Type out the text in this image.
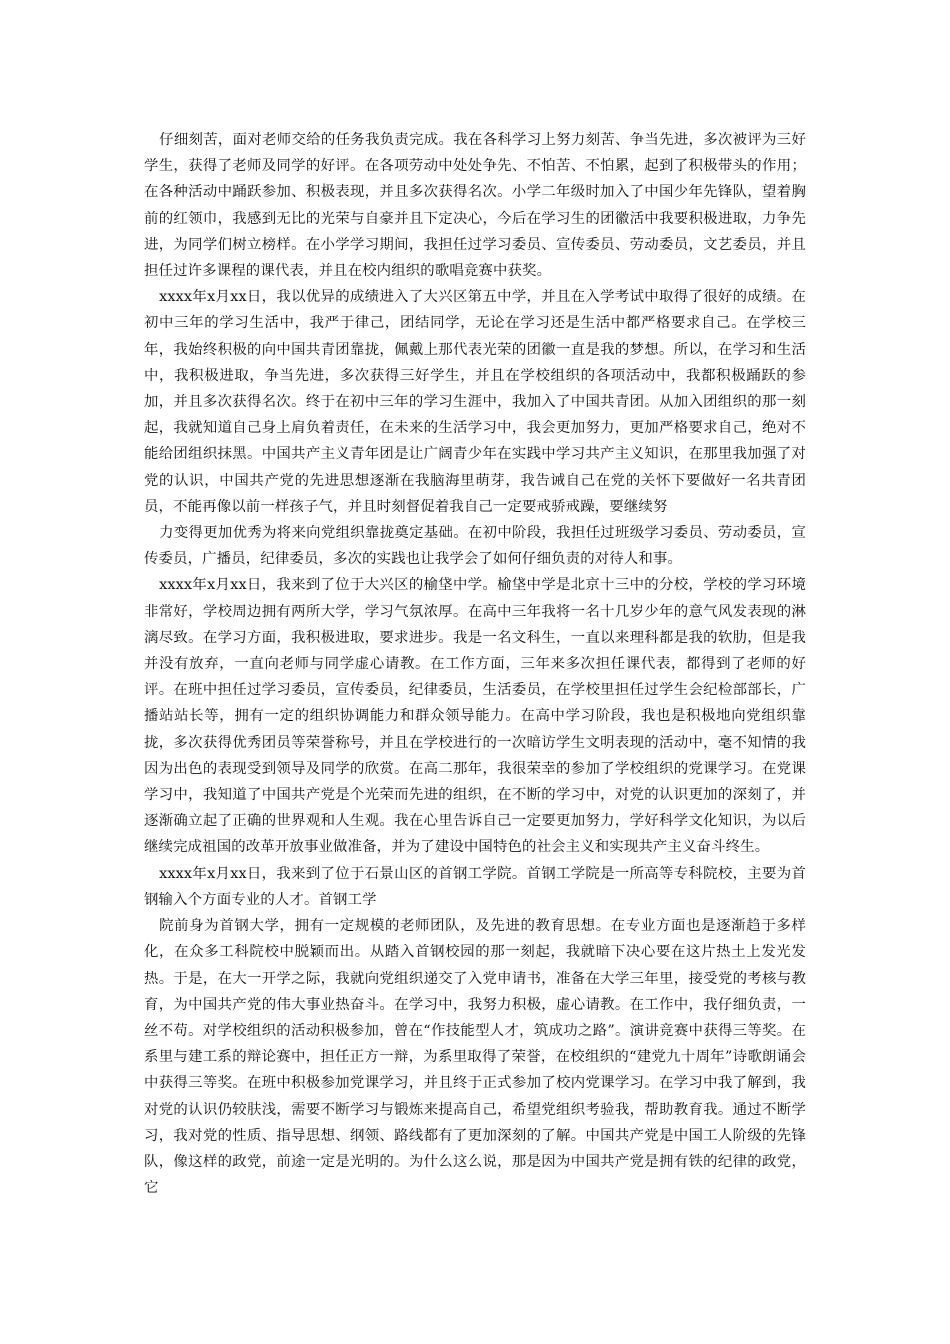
仔细刻苦，面对老师交给的任务我负责完成。我在各科学习上努力刻苦、争当先进，多次被评为三好学生，获得了老师及同学的好评。在各项劳动中处处争先、不怕苦、不怕累，起到了积极带头的作用；在各种活动中踊跃参加、积极表现，并且多次获得名次。小学二年级时加入了中国少年先锋队，望着胸前的红领巾，我感到无比的光荣与自豪并且下定决心，今后在学习生的团徽活中我要积极进取，力争先进，为同学们树立榜样。在小学学习期间，我担任过学习委员、宣传委员、劳动委员，文艺委员，并且担任过许多课程的课代表，并且在校内组织的歌唱竞赛中获奖。

xxxx年x月xx日，我以优异的成绩进入了大兴区第五中学，并且在入学考试中取得了很好的成绩。在初中三年的学习生活中，我严于律己，团结同学，无论在学习还是生活中都严格要求自己。在学校三年，我始终积极的向中国共青团靠拢，佩戴上那代表光荣的团徽一直是我的梦想。所以，在学习和生活中，我积极进取，争当先进，多次获得三好学生，并且在学校组织的各项活动中，我都积极踊跃的参加，并且多次获得名次。终于在初中三年的学习生涯中，我加入了中国共青团。从加入团组织的那一刻起，我就知道自己身上肩负着责任，在未来的生活学习中，我会更加努力，更加严格要求自己，绝对不能给团组织抹黑。中国共产主义青年团是让广阔青少年在实践中学习共产主义知识，在那里我加强了对党的认识，中国共产党的先进思想逐渐在我脑海里萌芽，我告诫自己在党的关怀下要做好一名共青团员，不能再像以前一样孩子气，并且时刻督促着我自己一定要戒骄戒躁，要继续努

力变得更加优秀为将来向党组织靠拢奠定基础。在初中阶段，我担任过班级学习委员、劳动委员，宣传委员，广播员，纪律委员，多次的实践也让我学会了如何仔细负责的对待人和事。

xxxx年x月xx日，我来到了位于大兴区的榆垡中学。榆垡中学是北京十三中的分校，学校的学习环境非常好，学校周边拥有两所大学，学习气氛浓厚。在高中三年我将一名十几岁少年的意气风发表现的淋漓尽致。在学习方面，我积极进取，要求进步。我是一名文科生，一直以来理科都是我的软肋，但是我并没有放弃，一直向老师与同学虚心请教。在工作方面，三年来多次担任课代表，都得到了老师的好评。在班中担任过学习委员，宣传委员，纪律委员，生活委员，在学校里担任过学生会纪检部部长，广播站站长等，拥有一定的组织协调能力和群众领导能力。在高中学习阶段，我也是积极地向党组织靠拢，多次获得优秀团员等荣誉称号，并且在学校进行的一次暗访学生文明表现的活动中，毫不知情的我因为出色的表现受到领导及同学的欣赏。在高二那年，我很荣幸的参加了学校组织的党课学习。在党课学习中，我知道了中国共产党是个光荣而先进的组织，在不断的学习中，对党的认识更加的深刻了，并逐渐确立起了正确的世界观和人生观。我在心里告诉自己一定要更加努力，学好科学文化知识，为以后继续完成祖国的改革开放事业做准备，并为了建设中国特色的社会主义和实现共产主义奋斗终生。

xxxx年x月xx日，我来到了位于石景山区的首钢工学院。首钢工学院是一所高等专科院校，主要为首钢输入个方面专业的人才。首钢工学

院前身为首钢大学，拥有一定规模的老师团队，及先进的教育思想。在专业方面也是逐渐趋于多样化，在众多工科院校中脱颖而出。从踏入首钢校园的那一刻起，我就暗下决心要在这片热土上发光发热。于是，在大一开学之际，我就向党组织递交了入党申请书，准备在大学三年里，接受党的考核与教育，为中国共产党的伟大事业热奋斗。在学习中，我努力积极，虚心请教。在工作中，我仔细负责，一丝不苟。对学校组织的活动积极参加，曾在“作技能型人才，筑成功之路”。演讲竞赛中获得三等奖。在系里与建工系的辩论赛中，担任正方一辩，为系里取得了荣誉，在校组织的“建党九十周年”诗歌朗诵会中获得三等奖。在班中积极参加党课学习，并且终于正式参加了校内党课学习。在学习中我了解到，我对党的认识仍较肤浅，需要不断学习与锻炼来提高自己，希望党组织考验我，帮助教育我。通过不断学习，我对党的性质、指导思想、纲领、路线都有了更加深刻的了解。中国共产党是中国工人阶级的先锋队，像这样的政党，前途一定是光明的。为什么这么说，那是因为中国共产党是拥有铁的纪律的政党，它
